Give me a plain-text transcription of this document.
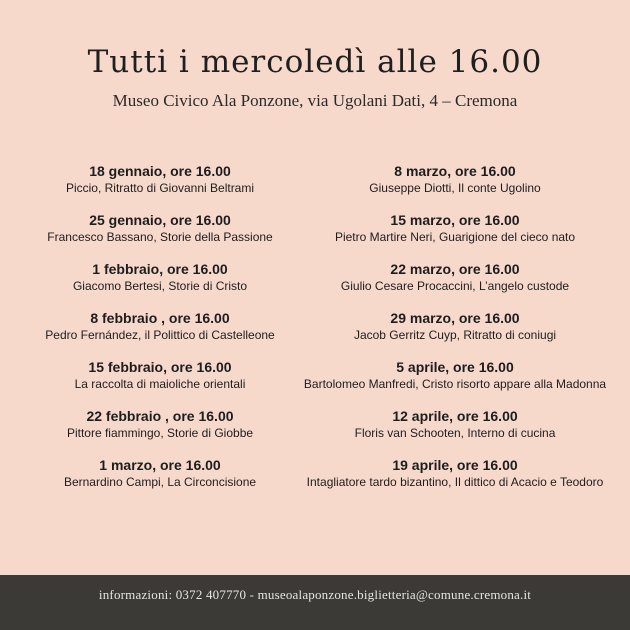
Tutti i mercoledì alle 16.00
Museo Civico Ala Ponzone, via Ugolani Dati, 4 – Cremona
18 gennaio, ore 16.00
Piccio, Ritratto di Giovanni Beltrami
25 gennaio, ore 16.00
Francesco Bassano, Storie della Passione
1 febbraio, ore 16.00
Giacomo Bertesi, Storie di Cristo
8 febbraio , ore 16.00
Pedro Fernández, il Polittico di Castelleone
15 febbraio, ore 16.00
La raccolta di maioliche orientali
22 febbraio , ore 16.00
Pittore fiammingo, Storie di Giobbe
1 marzo, ore 16.00
Bernardino Campi, La Circoncisione
8 marzo, ore 16.00
Giuseppe Diotti, Il conte Ugolino
15 marzo, ore 16.00
Pietro Martire Neri, Guarigione del cieco nato
22 marzo, ore 16.00
Giulio Cesare Procaccini, L’angelo custode
29 marzo, ore 16.00
Jacob Gerritz Cuyp, Ritratto di coniugi
5 aprile, ore 16.00
Bartolomeo Manfredi, Cristo risorto appare alla Madonna
12 aprile, ore 16.00
Floris van Schooten, Interno di cucina
19 aprile, ore 16.00
Intagliatore tardo bizantino, Il dittico di Acacio e Teodoro
informazioni: 0372 407770 - museoalaponzone.biglietteria@comune.cremona.it
